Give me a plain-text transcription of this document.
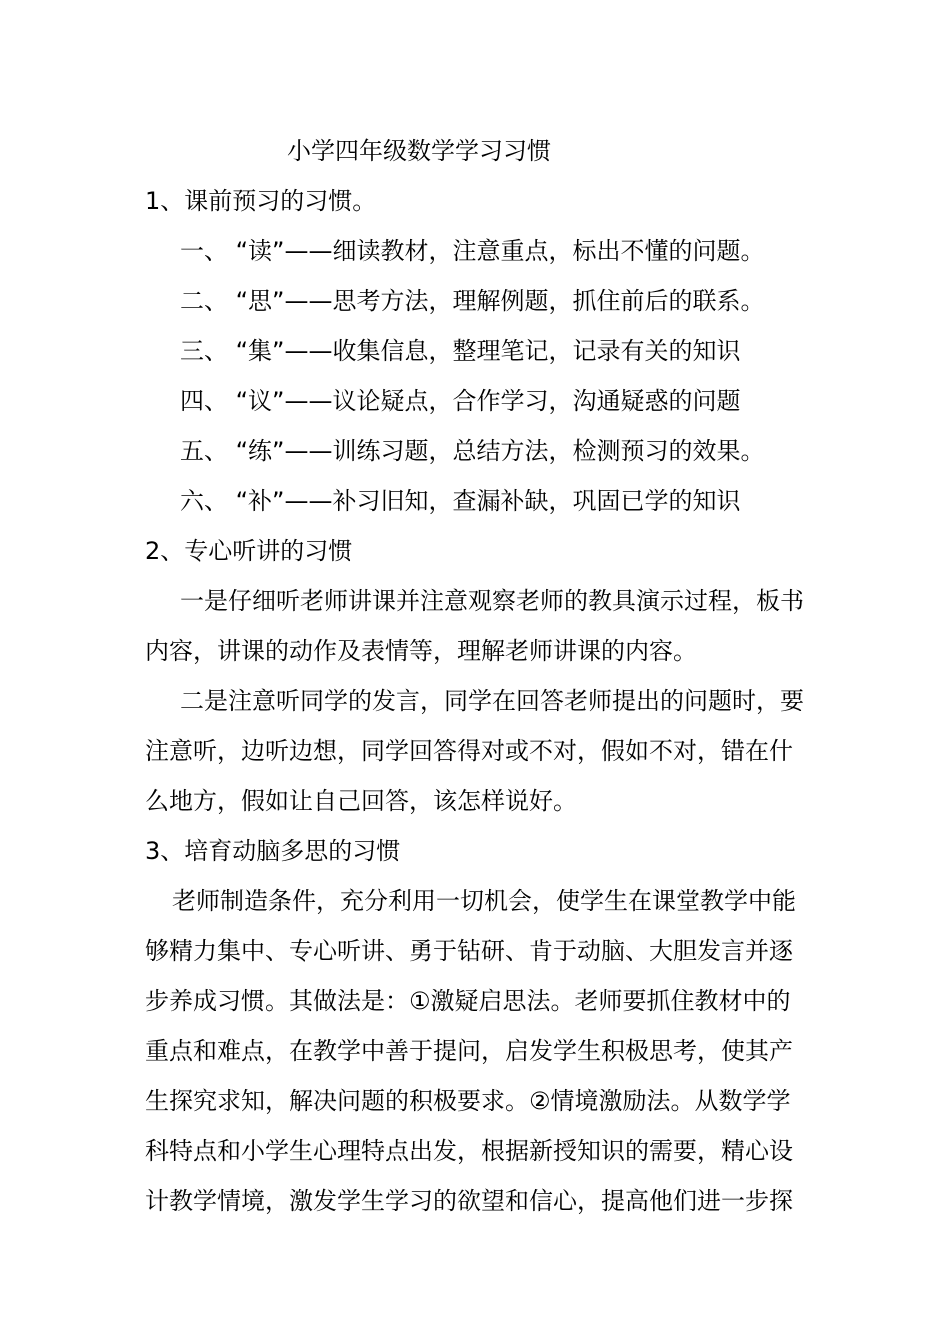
小学四年级数学学习习惯
1、课前预习的习惯。
一、 “读”——细读教材，注意重点，标出不懂的问题。
二、 “思”——思考方法，理解例题，抓住前后的联系。
三、 “集”——收集信息，整理笔记，记录有关的知识
四、 “议”——议论疑点，合作学习，沟通疑惑的问题
五、 “练”——训练习题，总结方法，检测预习的效果。
六、 “补”——补习旧知，查漏补缺，巩固已学的知识
2、专心听讲的习惯
一是仔细听老师讲课并注意观察老师的教具演示过程，板书
内容，讲课的动作及表情等，理解老师讲课的内容。
二是注意听同学的发言，同学在回答老师提出的问题时，要
注意听，边听边想，同学回答得对或不对，假如不对，错在什
么地方，假如让自己回答，该怎样说好。
3、培育动脑多思的习惯
老师制造条件，充分利用一切机会，使学生在课堂教学中能
够精力集中、专心听讲、勇于钻研、肯于动脑、大胆发言并逐
步养成习惯。其做法是：①激疑启思法。老师要抓住教材中的
重点和难点，在教学中善于提问，启发学生积极思考，使其产
生探究求知，解决问题的积极要求。②情境激励法。从数学学
科特点和小学生心理特点出发，根据新授知识的需要，精心设
计教学情境，激发学生学习的欲望和信心，提高他们进一步探
